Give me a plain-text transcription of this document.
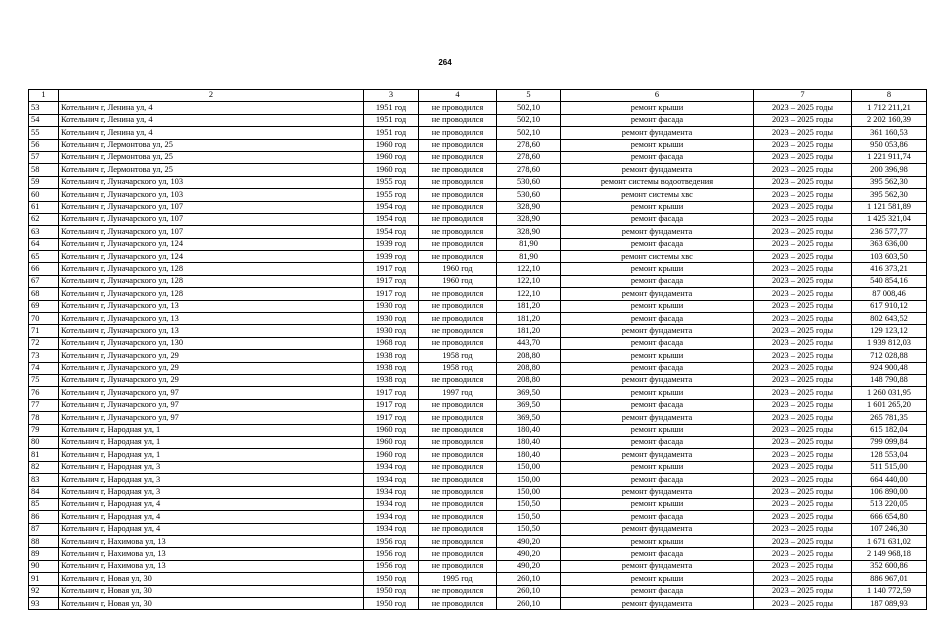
264
1	2	3	4	5	6	7	8
53	Котельнич г, Ленина ул, 4	1951 год	не проводился	502,10	ремонт крыши	2023 – 2025 годы	1 712 211,21
54	Котельнич г, Ленина ул, 4	1951 год	не проводился	502,10	ремонт фасада	2023 – 2025 годы	2 202 160,39
55	Котельнич г, Ленина ул, 4	1951 год	не проводился	502,10	ремонт фундамента	2023 – 2025 годы	361 160,53
56	Котельнич г, Лермонтова ул, 25	1960 год	не проводился	278,60	ремонт крыши	2023 – 2025 годы	950 053,86
57	Котельнич г, Лермонтова ул, 25	1960 год	не проводился	278,60	ремонт фасада	2023 – 2025 годы	1 221 911,74
58	Котельнич г, Лермонтова ул, 25	1960 год	не проводился	278,60	ремонт фундамента	2023 – 2025 годы	200 396,98
59	Котельнич г, Луначарского ул, 103	1955 год	не проводился	530,60	ремонт системы водоотведения	2023 – 2025 годы	395 562,30
60	Котельнич г, Луначарского ул, 103	1955 год	не проводился	530,60	ремонт системы хвс	2023 – 2025 годы	395 562,30
61	Котельнич г, Луначарского ул, 107	1954 год	не проводился	328,90	ремонт крыши	2023 – 2025 годы	1 121 581,89
62	Котельнич г, Луначарского ул, 107	1954 год	не проводился	328,90	ремонт фасада	2023 – 2025 годы	1 425 321,04
63	Котельнич г, Луначарского ул, 107	1954 год	не проводился	328,90	ремонт фундамента	2023 – 2025 годы	236 577,77
64	Котельнич г, Луначарского ул, 124	1939 год	не проводился	81,90	ремонт фасада	2023 – 2025 годы	363 636,00
65	Котельнич г, Луначарского ул, 124	1939 год	не проводился	81,90	ремонт системы хвс	2023 – 2025 годы	103 603,50
66	Котельнич г, Луначарского ул, 128	1917 год	1960 год	122,10	ремонт крыши	2023 – 2025 годы	416 373,21
67	Котельнич г, Луначарского ул, 128	1917 год	1960 год	122,10	ремонт фасада	2023 – 2025 годы	540 854,16
68	Котельнич г, Луначарского ул, 128	1917 год	не проводился	122,10	ремонт фундамента	2023 – 2025 годы	87 008,46
69	Котельнич г, Луначарского ул, 13	1930 год	не проводился	181,20	ремонт крыши	2023 – 2025 годы	617 910,12
70	Котельнич г, Луначарского ул, 13	1930 год	не проводился	181,20	ремонт фасада	2023 – 2025 годы	802 643,52
71	Котельнич г, Луначарского ул, 13	1930 год	не проводился	181,20	ремонт фундамента	2023 – 2025 годы	129 123,12
72	Котельнич г, Луначарского ул, 130	1968 год	не проводился	443,70	ремонт фасада	2023 – 2025 годы	1 939 812,03
73	Котельнич г, Луначарского ул, 29	1938 год	1958 год	208,80	ремонт крыши	2023 – 2025 годы	712 028,88
74	Котельнич г, Луначарского ул, 29	1938 год	1958 год	208,80	ремонт фасада	2023 – 2025 годы	924 900,48
75	Котельнич г, Луначарского ул, 29	1938 год	не проводился	208,80	ремонт фундамента	2023 – 2025 годы	148 790,88
76	Котельнич г, Луначарского ул, 97	1917 год	1997 год	369,50	ремонт крыши	2023 – 2025 годы	1 260 031,95
77	Котельнич г, Луначарского ул, 97	1917 год	не проводился	369,50	ремонт фасада	2023 – 2025 годы	1 601 265,20
78	Котельнич г, Луначарского ул, 97	1917 год	не проводился	369,50	ремонт фундамента	2023 – 2025 годы	265 781,35
79	Котельнич г, Народная ул, 1	1960 год	не проводился	180,40	ремонт крыши	2023 – 2025 годы	615 182,04
80	Котельнич г, Народная ул, 1	1960 год	не проводился	180,40	ремонт фасада	2023 – 2025 годы	799 099,84
81	Котельнич г, Народная ул, 1	1960 год	не проводился	180,40	ремонт фундамента	2023 – 2025 годы	128 553,04
82	Котельнич г, Народная ул, 3	1934 год	не проводился	150,00	ремонт крыши	2023 – 2025 годы	511 515,00
83	Котельнич г, Народная ул, 3	1934 год	не проводился	150,00	ремонт фасада	2023 – 2025 годы	664 440,00
84	Котельнич г, Народная ул, 3	1934 год	не проводился	150,00	ремонт фундамента	2023 – 2025 годы	106 890,00
85	Котельнич г, Народная ул, 4	1934 год	не проводился	150,50	ремонт крыши	2023 – 2025 годы	513 220,05
86	Котельнич г, Народная ул, 4	1934 год	не проводился	150,50	ремонт фасада	2023 – 2025 годы	666 654,80
87	Котельнич г, Народная ул, 4	1934 год	не проводился	150,50	ремонт фундамента	2023 – 2025 годы	107 246,30
88	Котельнич г, Нахимова ул, 13	1956 год	не проводился	490,20	ремонт крыши	2023 – 2025 годы	1 671 631,02
89	Котельнич г, Нахимова ул, 13	1956 год	не проводился	490,20	ремонт фасада	2023 – 2025 годы	2 149 968,18
90	Котельнич г, Нахимова ул, 13	1956 год	не проводился	490,20	ремонт фундамента	2023 – 2025 годы	352 600,86
91	Котельнич г, Новая ул, 30	1950 год	1995 год	260,10	ремонт крыши	2023 – 2025 годы	886 967,01
92	Котельнич г, Новая ул, 30	1950 год	не проводился	260,10	ремонт фасада	2023 – 2025 годы	1 140 772,59
93	Котельнич г, Новая ул, 30	1950 год	не проводился	260,10	ремонт фундамента	2023 – 2025 годы	187 089,93
